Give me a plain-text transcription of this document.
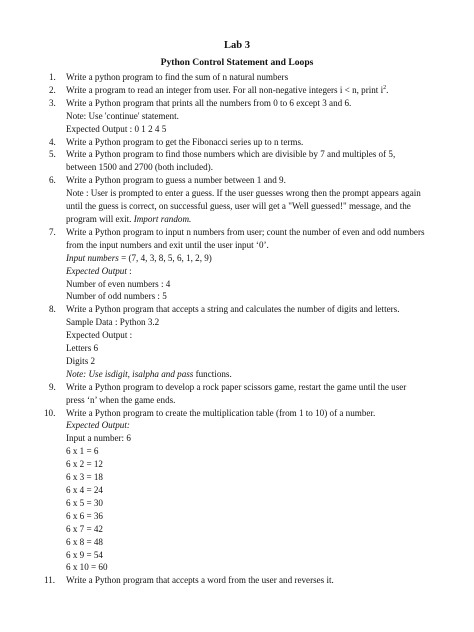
Lab 3
Python Control Statement and Loops
1.	Write a python program to find the sum of n natural numbers
2.	Write a program to read an integer from user. For all non-negative integers i < n, print $i^2$.
3.	Write a Python program that prints all the numbers from 0 to 6 except 3 and 6.
Note: Use 'continue' statement.
Expected Output : 0 1 2 4 5
4.	Write a Python program to get the Fibonacci series up to n terms.
5.	Write a Python program to find those numbers which are divisible by 7 and multiples of 5,
between 1500 and 2700 (both included).
6.	Write a Python program to guess a number between 1 and 9.
Note : User is prompted to enter a guess. If the user guesses wrong then the prompt appears again
until the guess is correct, on successful guess, user will get a "Well guessed!" message, and the
program will exit. Import random.
7.	Write a Python program to input n numbers from user; count the number of even and odd numbers
from the input numbers and exit until the user input ‘0’.
Input numbers = (7, 4, 3, 8, 5, 6, 1, 2, 9)
Expected Output :
Number of even numbers : 4
Number of odd numbers : 5
8.	Write a Python program that accepts a string and calculates the number of digits and letters.
Sample Data : Python 3.2
Expected Output :
Letters 6
Digits 2
Note: Use isdigit, isalpha and pass functions.
9.	Write a Python program to develop a rock paper scissors game, restart the game until the user
press ‘n’ when the game ends.
10.	Write a Python program to create the multiplication table (from 1 to 10) of a number.
Expected Output:
Input a number: 6
6 x 1 = 6
6 x 2 = 12
6 x 3 = 18
6 x 4 = 24
6 x 5 = 30
6 x 6 = 36
6 x 7 = 42
6 x 8 = 48
6 x 9 = 54
6 x 10 = 60
11.	Write a Python program that accepts a word from the user and reverses it.
